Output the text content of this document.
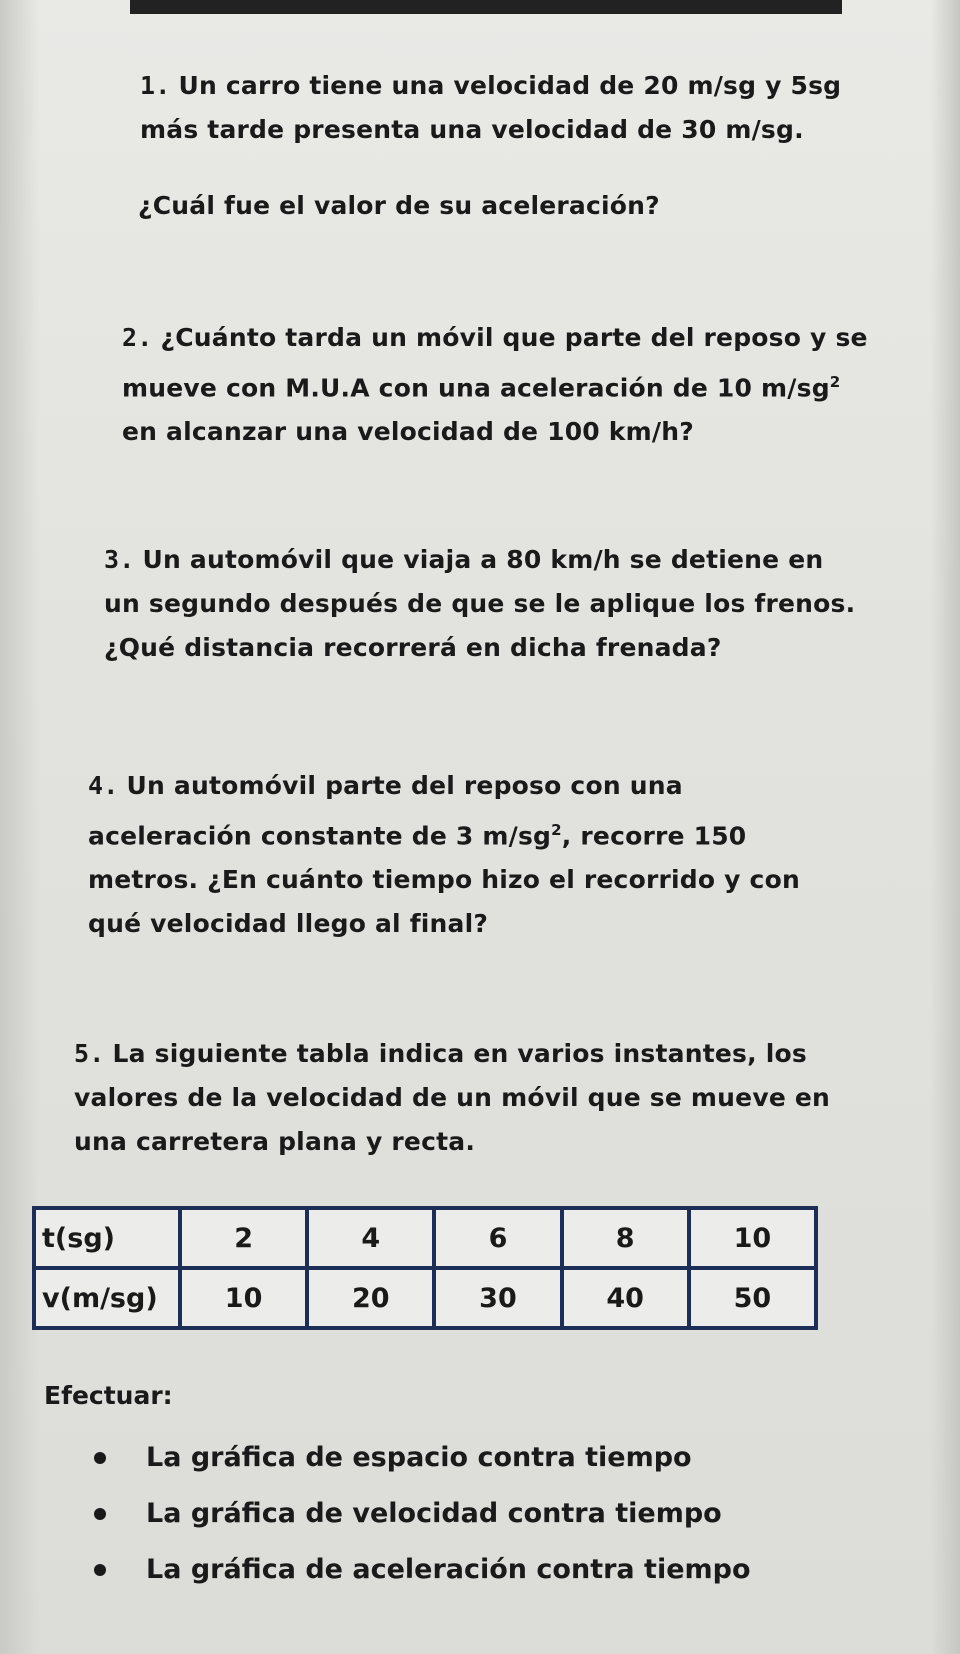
1. Un carro tiene una velocidad de 20 m/sg y 5sg
más tarde presenta una velocidad de 30 m/sg.
¿Cuál fue el valor de su aceleración?
2. ¿Cuánto tarda un móvil que parte del reposo y se
mueve con M.U.A con una aceleración de 10 $m/sg^2$
en alcanzar una velocidad de 100 km/h?
3. Un automóvil que viaja a 80 km/h se detiene en
un segundo después de que se le aplique los frenos.
¿Qué distancia recorrerá en dicha frenada?
4. Un automóvil parte del reposo con una
aceleración constante de 3 $m/sg^2$, recorre 150
metros. ¿En cuánto tiempo hizo el recorrido y con
qué velocidad llego al final?
5. La siguiente tabla indica en varios instantes, los
valores de la velocidad de un móvil que se mueve en
una carretera plana y recta.
t(sg)	2	4	6	8	10
v(m/sg)	10	20	30	40	50
Efectuar:
La gráfica de espacio contra tiempo
La gráfica de velocidad contra tiempo
La gráfica de aceleración contra tiempo
